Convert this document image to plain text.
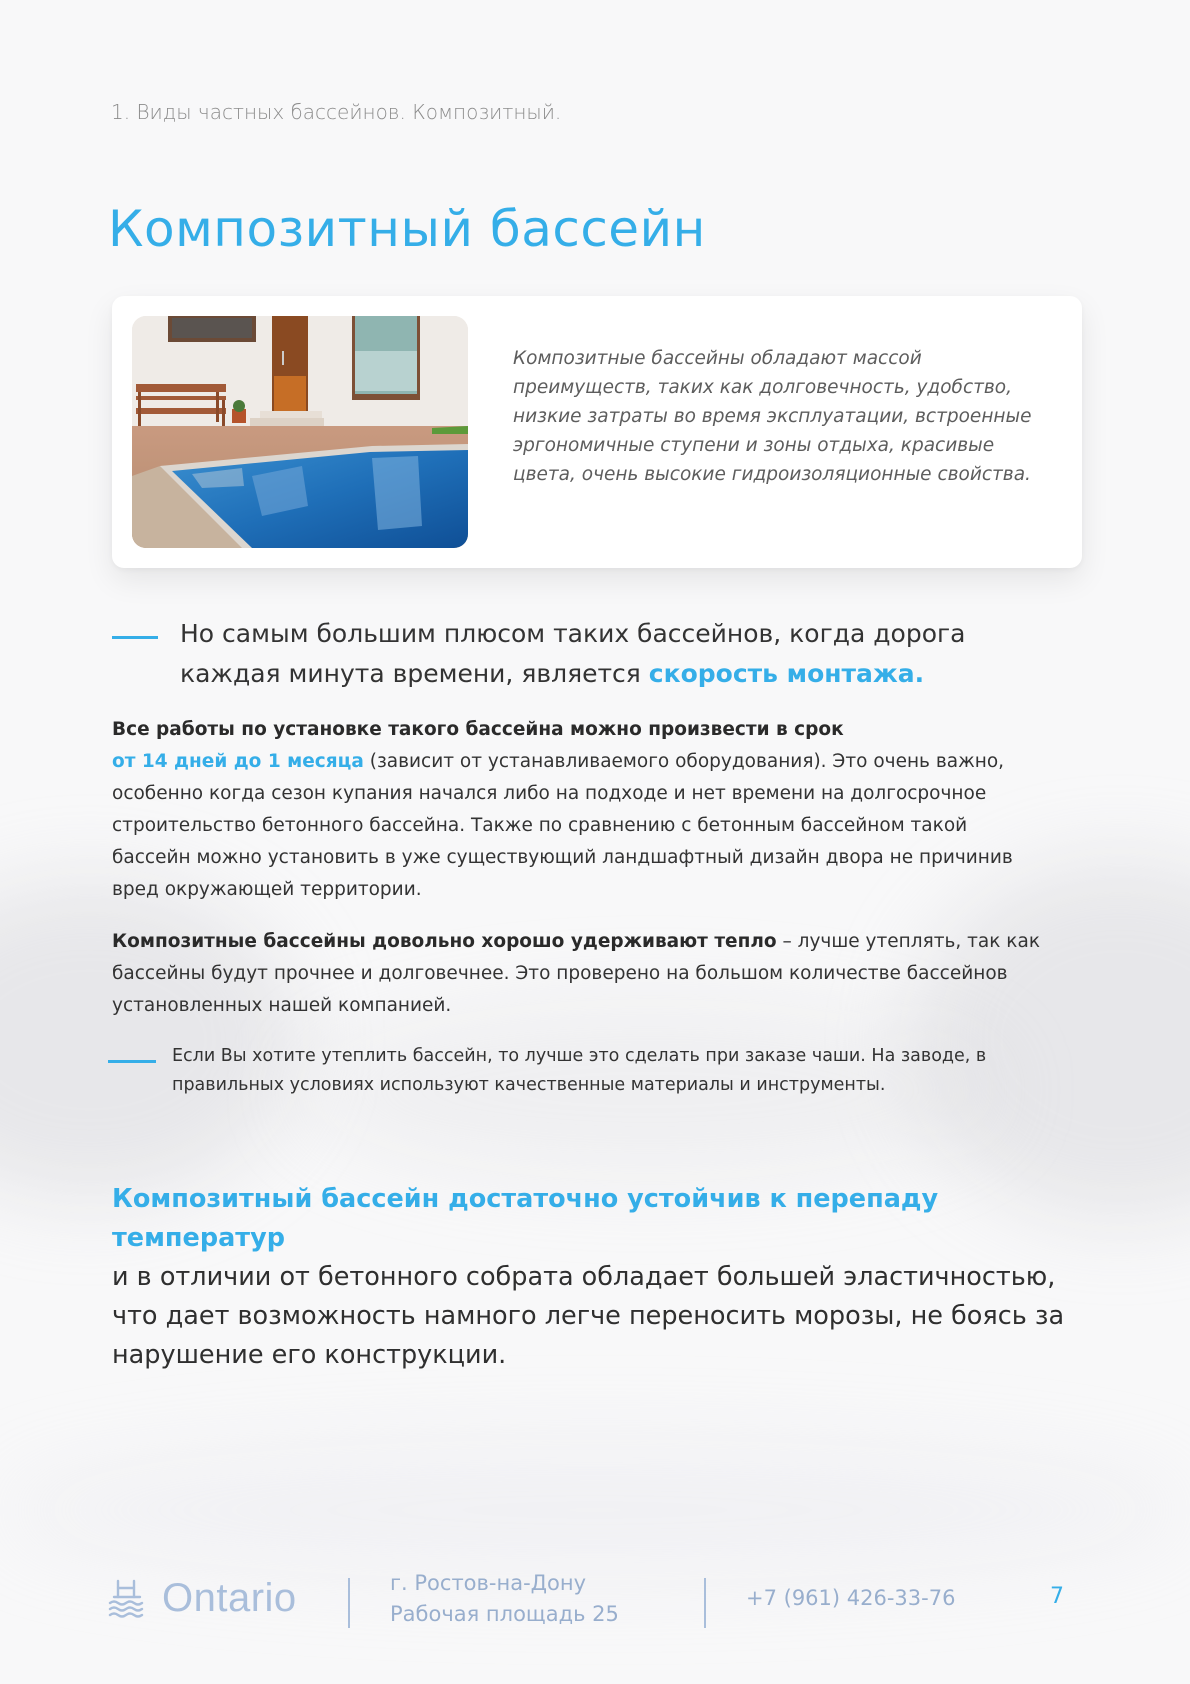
1. Виды частных бассейнов. Композитный.
Композитный бассейн
Композитные бассейны обладают массой преимуществ, таких как долговечность, удобство, низкие затраты во время эксплуатации, встроенные эргономичные ступени и зоны отдыха, красивые цвета, очень высокие гидроизоляционные свойства.
Но самым большим плюсом таких бассейнов, когда дорога каждая минута времени, является скорость монтажа.
Все работы по установке такого бассейна можно произвести в срок
от 14 дней до 1 месяца (зависит от устанавливаемого оборудования). Это очень важно, особенно когда сезон купания начался либо на подходе и нет времени на долгосрочное строительство бетонного бассейна. Также по сравнению с бетонным бассейном такой бассейн можно установить в уже существующий ландшафтный дизайн двора не причинив вред окружающей территории.
Композитные бассейны довольно хорошо удерживают тепло – лучше утеплять, так как бассейны будут прочнее и долговечнее. Это проверено на большом количестве бассейнов установленных нашей компанией.
Если Вы хотите утеплить бассейн, то лучше это сделать при заказе чаши. На заводе, в правильных условиях используют качественные материалы и инструменты.
Композитный бассейн достаточно устойчив к перепаду температур
и в отличии от бетонного собрата обладает большей эластичностью, что дает возможность намного легче переносить морозы, не боясь за нарушение его конструкции.
Ontario	г. Ростов-на-Дону
Рабочая площадь 25
+7 (961) 426-33-76	7
